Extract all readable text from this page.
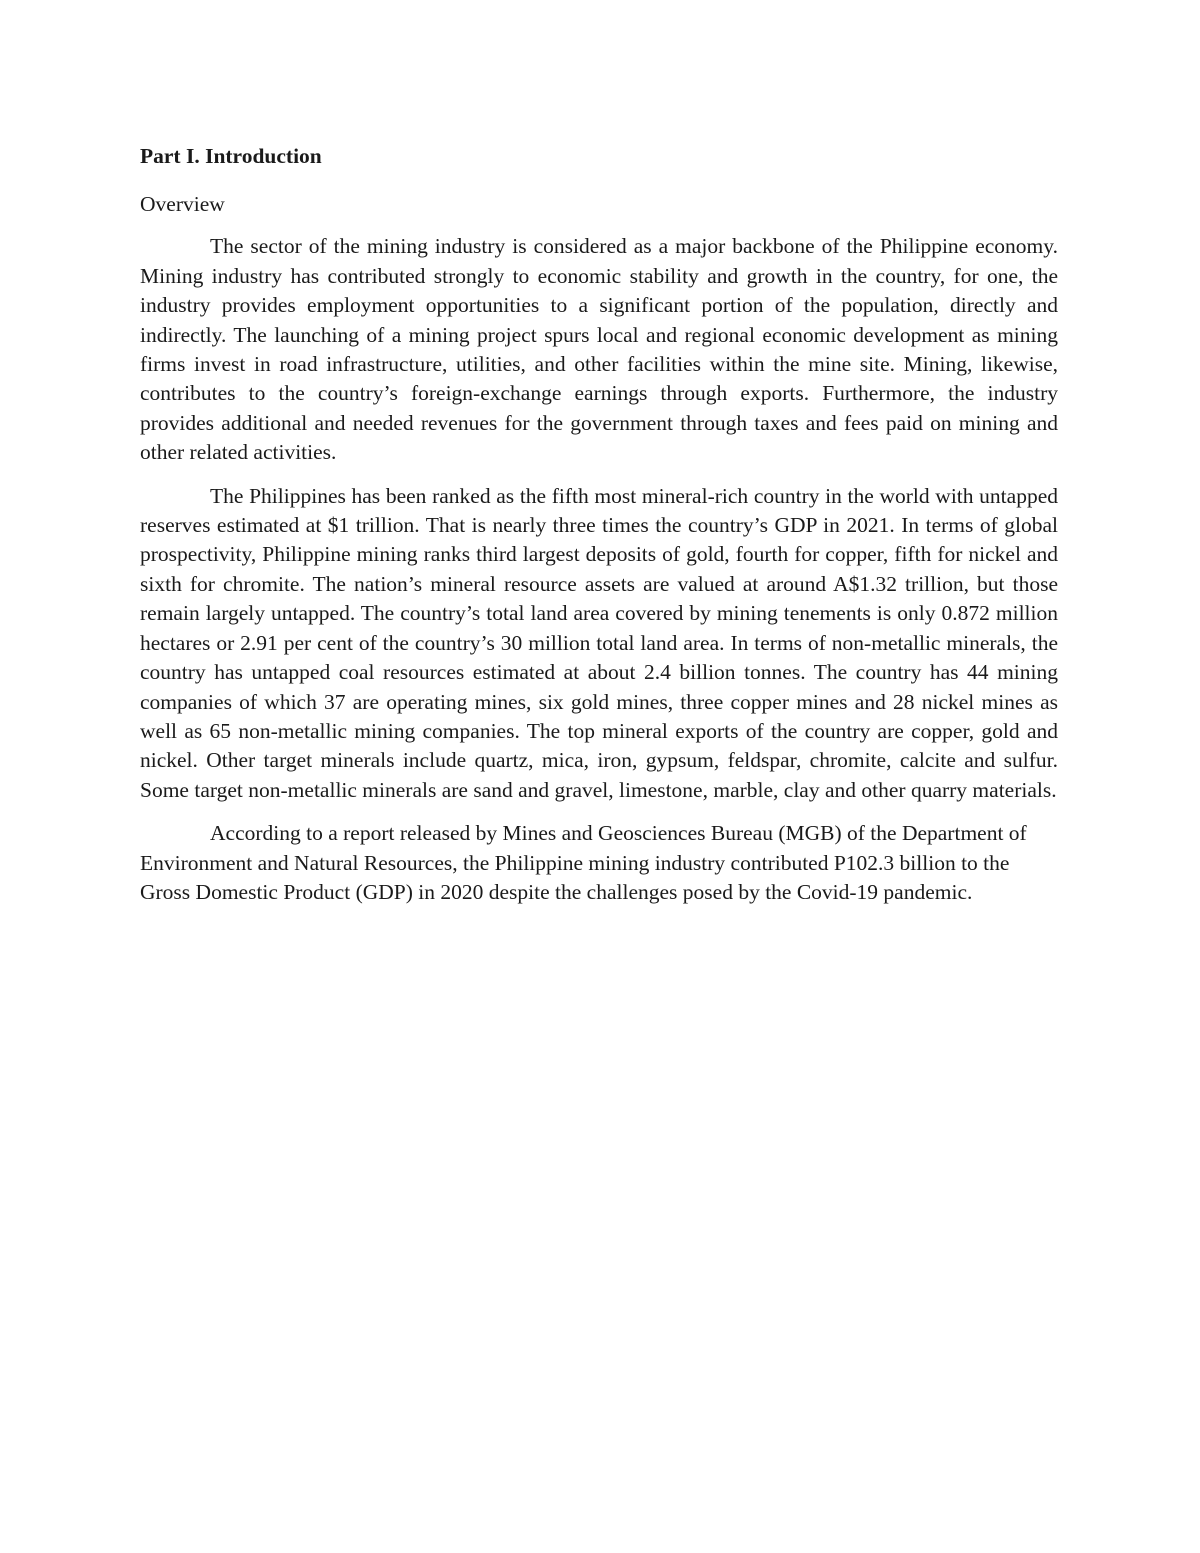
Part I. Introduction
Overview

The sector of the mining industry is considered as a major backbone of the Philippine economy. Mining industry has contributed strongly to economic stability and growth in the country, for one, the industry provides employment opportunities to a significant portion of the population, directly and indirectly. The launching of a mining project spurs local and regional economic development as mining firms invest in road infrastructure, utilities, and other facilities within the mine site. Mining, likewise, contributes to the country’s foreign-exchange earnings through exports. Furthermore, the industry provides additional and needed revenues for the government through taxes and fees paid on mining and other related activities.

The Philippines has been ranked as the fifth most mineral-rich country in the world with untapped reserves estimated at $1 trillion. That is nearly three times the country’s GDP in 2021. In terms of global prospectivity, Philippine mining ranks third largest deposits of gold, fourth for copper, fifth for nickel and sixth for chromite. The nation’s mineral resource assets are valued at around A$1.32 trillion, but those remain largely untapped. The country’s total land area covered by mining tenements is only 0.872 million hectares or 2.91 per cent of the country’s 30 million total land area. In terms of non-metallic minerals, the country has untapped coal resources estimated at about 2.4 billion tonnes. The country has 44 mining companies of which 37 are operating mines, six gold mines, three copper mines and 28 nickel mines as well as 65 non-metallic mining companies. The top mineral exports of the country are copper, gold and nickel. Other target minerals include quartz, mica, iron, gypsum, feldspar, chromite, calcite and sulfur. Some target non-metallic minerals are sand and gravel, limestone, marble, clay and other quarry materials.

According to a report released by Mines and Geosciences Bureau (MGB) of the Department of Environment and Natural Resources, the Philippine mining industry contributed P102.3 billion to the Gross Domestic Product (GDP) in 2020 despite the challenges posed by the Covid-19 pandemic.
